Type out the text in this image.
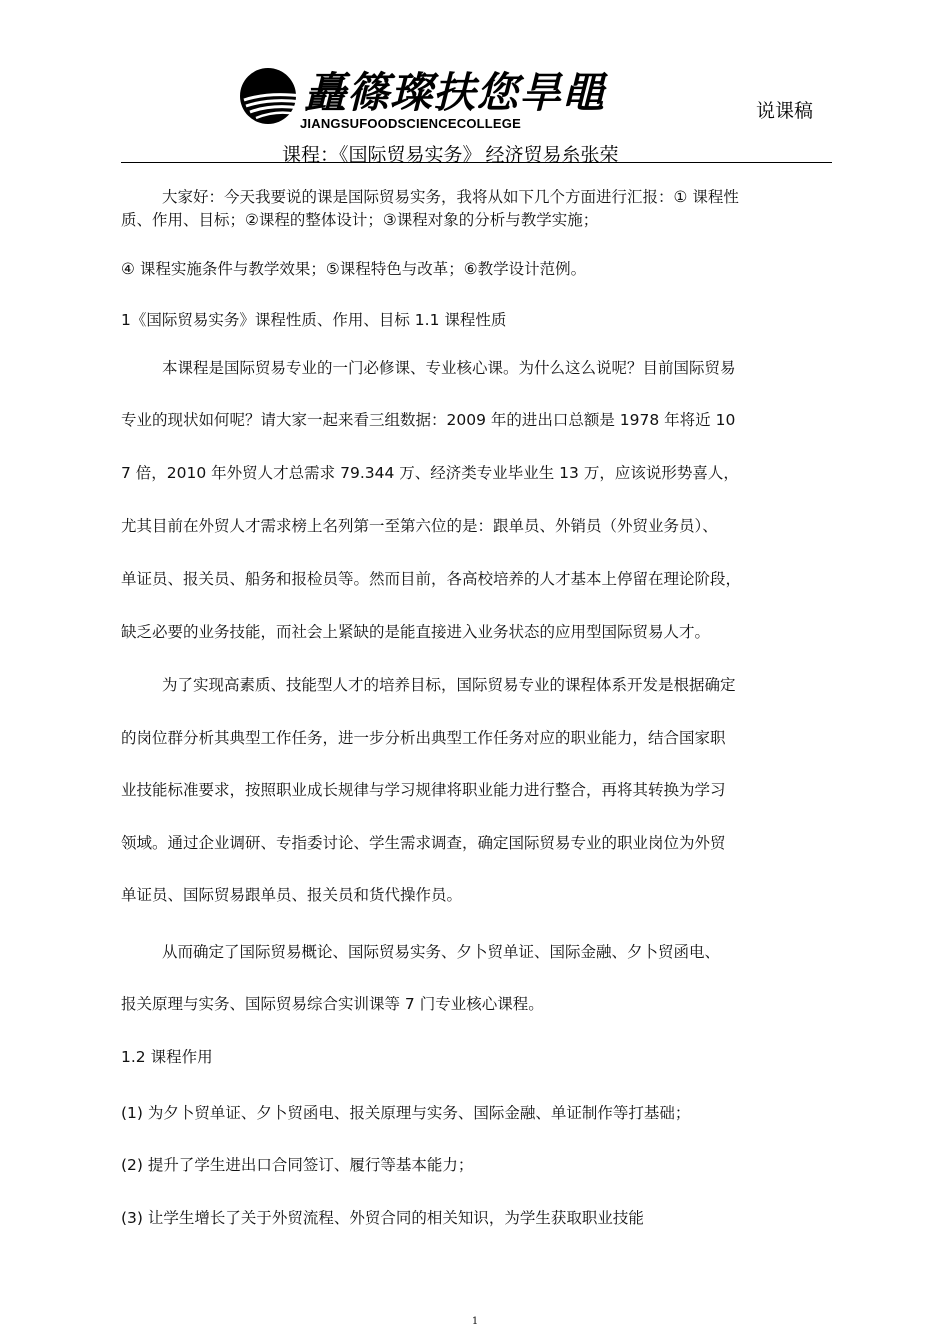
矗篠璨扶您旱黽
JIANGSUFOODSCIENCECOLLEGE
说课稿
课程：《国际贸易实务》 经济贸易糸张荣
大家好：今天我要说的课是国际贸易实务，我将从如下几个方面进行汇报：① 课程性
质、作用、目标；②课程的整体设计；③课程对象的分析与教学实施；
④ 课程实施条件与教学效果；⑤课程特色与改革；⑥教学设计范例。
1《国际贸易实务》课程性质、作用、目标 1.1 课程性质
本课程是国际贸易专业的一门必修课、专业核心课。为什么这么说呢？目前国际贸易
专业的现状如何呢？请大家一起来看三组数据：2009 年的进出口总额是 1978 年将近 10
7 倍，2010 年外贸人才总需求 79.344 万、经济类专业毕业生 13 万，应该说形势喜人，
尤其目前在外贸人才需求榜上名列第一至第六位的是：跟单员、外销员（外贸业务员）、
单证员、报关员、船务和报检员等。然而目前，各高校培养的人才基本上停留在理论阶段，
缺乏必要的业务技能，而社会上紧缺的是能直接进入业务状态的应用型国际贸易人才。
为了实现高素质、技能型人才的培养目标，国际贸易专业的课程体系开发是根据确定
的岗位群分析其典型工作任务，进一步分析出典型工作任务对应的职业能力，结合国家职
业技能标准要求，按照职业成长规律与学习规律将职业能力进行整合，再将其转换为学习
领域。通过企业调研、专指委讨论、学生需求调查，确定国际贸易专业的职业岗位为外贸
单证员、国际贸易跟单员、报关员和货代操作员。
从而确定了国际贸易概论、国际贸易实务、夕卜贸单证、国际金融、夕卜贸函电、
报关原理与实务、国际贸易综合实训课等 7 门专业核心课程。
1.2 课程作用
(1) 为夕卜贸单证、夕卜贸函电、报关原理与实务、国际金融、单证制作等打基础；
(2) 提升了学生进出口合同签订、履行等基本能力；
(3) 让学生增长了关于外贸流程、外贸合同的相关知识，为学生获取职业技能
1
